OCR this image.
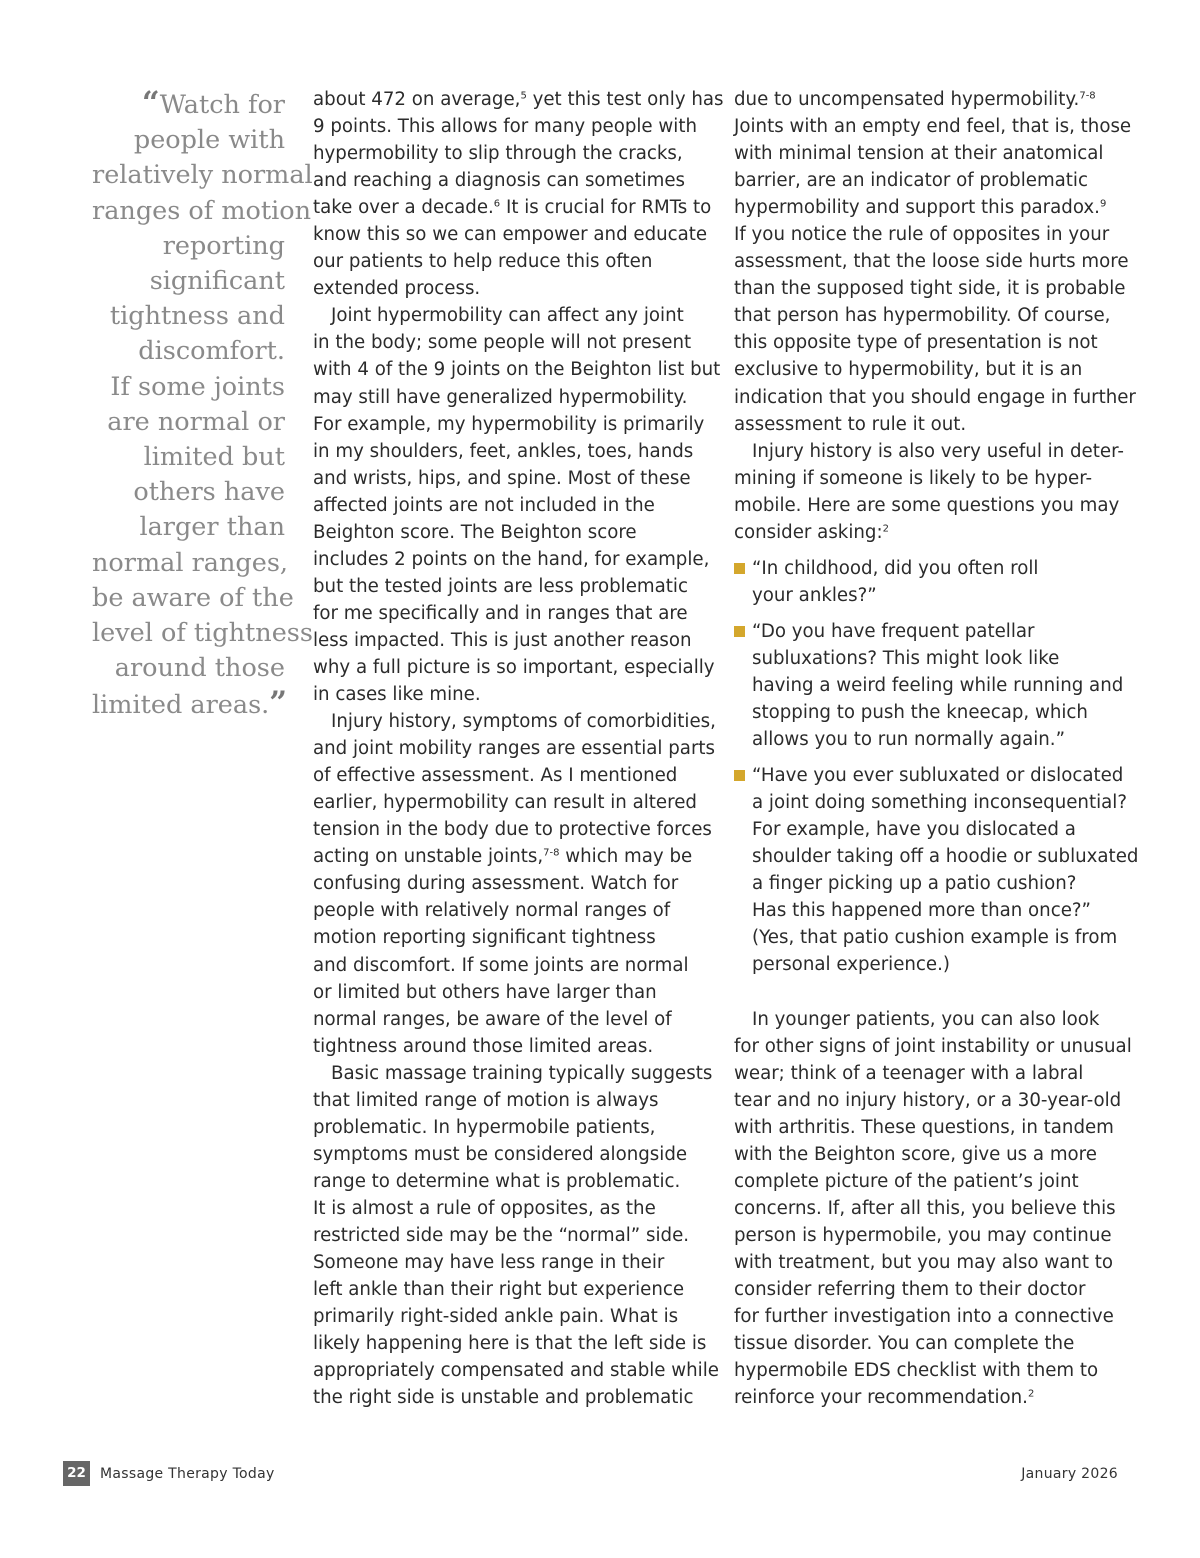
“Watch for
people with
relatively normal
ranges of motion
reporting
significant
tightness and
discomfort.
If some joints
are normal or
limited but
others have
larger than
normal ranges,
be aware of the
level of tightness
around those
limited areas.”
about 472 on average,$^5$ yet this test only has
9 points. This allows for many people with
hypermobility to slip through the cracks,
and reaching a diagnosis can sometimes
take over a decade.$^6$ It is crucial for RMTs to
know this so we can empower and educate
our patients to help reduce this often
extended process.
Joint hypermobility can affect any joint
in the body; some people will not present
with 4 of the 9 joints on the Beighton list but
may still have generalized hypermobility.
For example, my hypermobility is primarily
in my shoulders, feet, ankles, toes, hands
and wrists, hips, and spine. Most of these
affected joints are not included in the
Beighton score. The Beighton score
includes 2 points on the hand, for example,
but the tested joints are less problematic
for me specifically and in ranges that are
less impacted. This is just another reason
why a full picture is so important, especially
in cases like mine.
Injury history, symptoms of comorbidities,
and joint mobility ranges are essential parts
of effective assessment. As I mentioned
earlier, hypermobility can result in altered
tension in the body due to protective forces
acting on unstable joints,$^{7-8}$ which may be
confusing during assessment. Watch for
people with relatively normal ranges of
motion reporting significant tightness
and discomfort. If some joints are normal
or limited but others have larger than
normal ranges, be aware of the level of
tightness around those limited areas.
Basic massage training typically suggests
that limited range of motion is always
problematic. In hypermobile patients,
symptoms must be considered alongside
range to determine what is problematic.
It is almost a rule of opposites, as the
restricted side may be the “normal” side.
Someone may have less range in their
left ankle than their right but experience
primarily right-sided ankle pain. What is
likely happening here is that the left side is
appropriately compensated and stable while
the right side is unstable and problematic
due to uncompensated hypermobility.$^{7-8}$
Joints with an empty end feel, that is, those
with minimal tension at their anatomical
barrier, are an indicator of problematic
hypermobility and support this paradox.$^9$
If you notice the rule of opposites in your
assessment, that the loose side hurts more
than the supposed tight side, it is probable
that person has hypermobility. Of course,
this opposite type of presentation is not
exclusive to hypermobility, but it is an
indication that you should engage in further
assessment to rule it out.
Injury history is also very useful in deter-
mining if someone is likely to be hyper-
mobile. Here are some questions you may
consider asking:$^2$
“In childhood, did you often roll
your ankles?”
“Do you have frequent patellar
subluxations? This might look like
having a weird feeling while running and
stopping to push the kneecap, which
allows you to run normally again.”
“Have you ever subluxated or dislocated
a joint doing something inconsequential?
For example, have you dislocated a
shoulder taking off a hoodie or subluxated
a finger picking up a patio cushion?
Has this happened more than once?”
(Yes, that patio cushion example is from
personal experience.)
In younger patients, you can also look
for other signs of joint instability or unusual
wear; think of a teenager with a labral
tear and no injury history, or a 30-year-old
with arthritis. These questions, in tandem
with the Beighton score, give us a more
complete picture of the patient’s joint
concerns. If, after all this, you believe this
person is hypermobile, you may continue
with treatment, but you may also want to
consider referring them to their doctor
for further investigation into a connective
tissue disorder. You can complete the
hypermobile EDS checklist with them to
reinforce your recommendation.$^2$
22 Massage Therapy Today	January 2026
